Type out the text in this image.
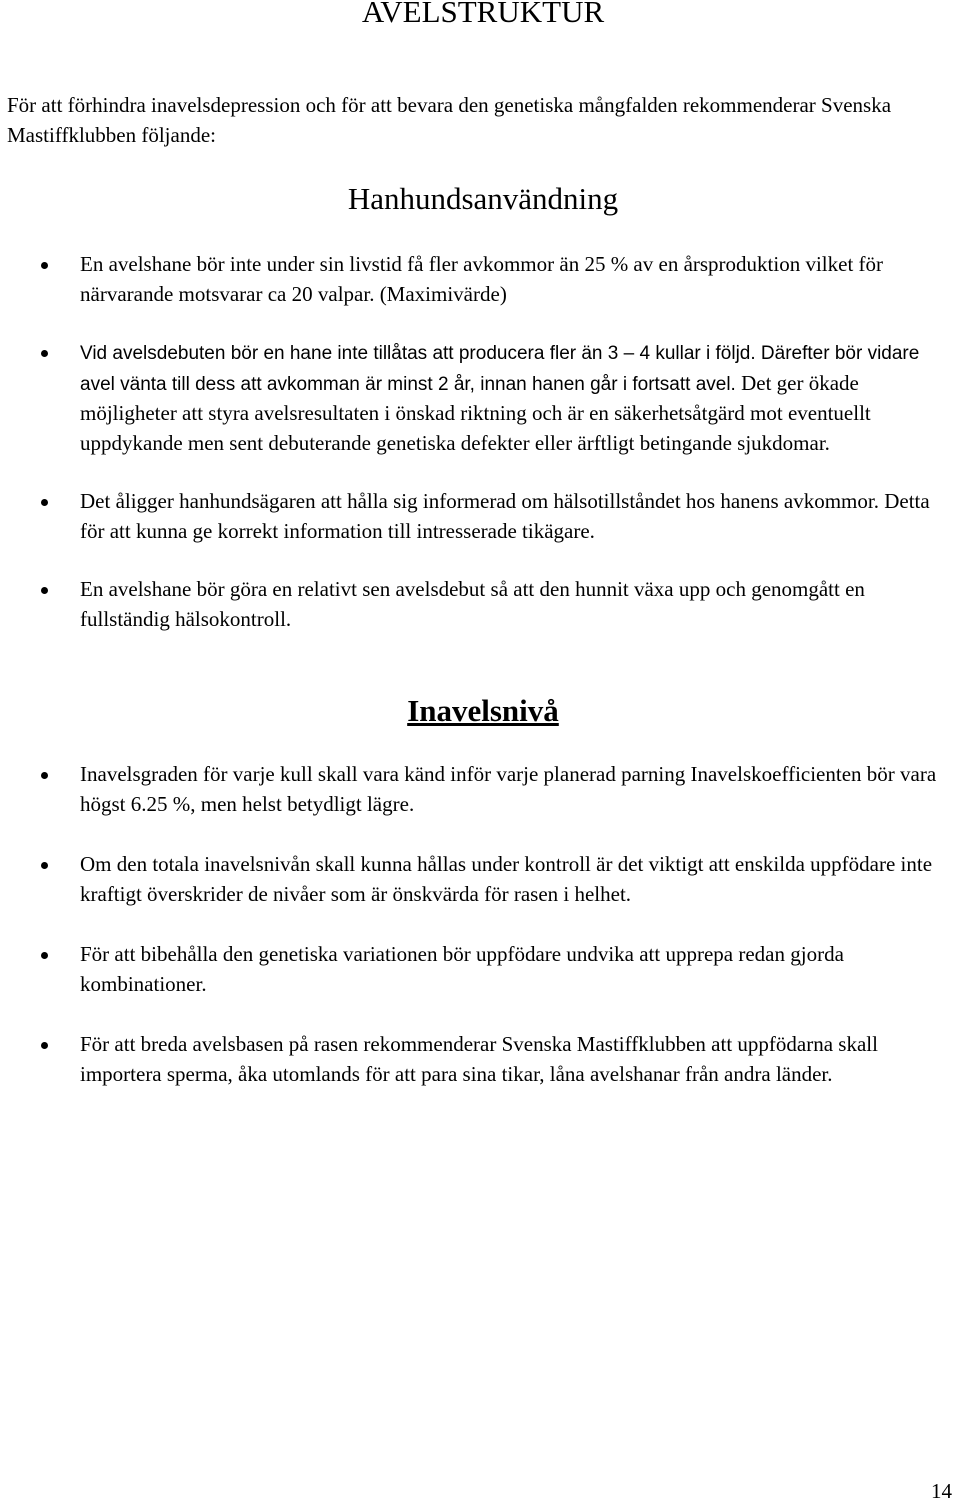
AVELSTRUKTUR

För att förhindra inavelsdepression och för att bevara den genetiska mångfalden rekommenderar Svenska Mastiffklubben följande:

Hanhundsanvändning
En avelshane bör inte under sin livstid få fler avkommor än 25 % av en årsproduktion vilket för närvarande motsvarar ca 20 valpar. (Maximivärde)
Vid avelsdebuten bör en hane inte tillåtas att producera fler än 3 – 4 kullar i följd. Därefter bör vidare avel vänta till dess att avkomman är minst 2 år, innan hanen går i fortsatt avel. Det ger ökade möjligheter att styra avelsresultaten i önskad riktning och är en säkerhetsåtgärd mot eventuellt uppdykande men sent debuterande genetiska defekter eller ärftligt betingande sjukdomar.
Det åligger hanhundsägaren att hålla sig informerad om hälsotillståndet hos hanens avkommor. Detta för att kunna ge korrekt information till intresserade tikägare.
En avelshane bör göra en relativt sen avelsdebut så att den hunnit växa upp och genomgått en fullständig hälsokontroll.
Inavelsnivå
Inavelsgraden för varje kull skall vara känd inför varje planerad parning Inavelskoefficienten bör vara högst 6.25 %, men helst betydligt lägre.
Om den totala inavelsnivån skall kunna hållas under kontroll är det viktigt att enskilda uppfödare inte kraftigt överskrider de nivåer som är önskvärda för rasen i helhet.
För att bibehålla den genetiska variationen bör uppfödare undvika att upprepa redan gjorda kombinationer.
För att breda avelsbasen på rasen rekommenderar Svenska Mastiffklubben att uppfödarna skall importera sperma, åka utomlands för att para sina tikar, låna avelshanar från andra länder.
14
